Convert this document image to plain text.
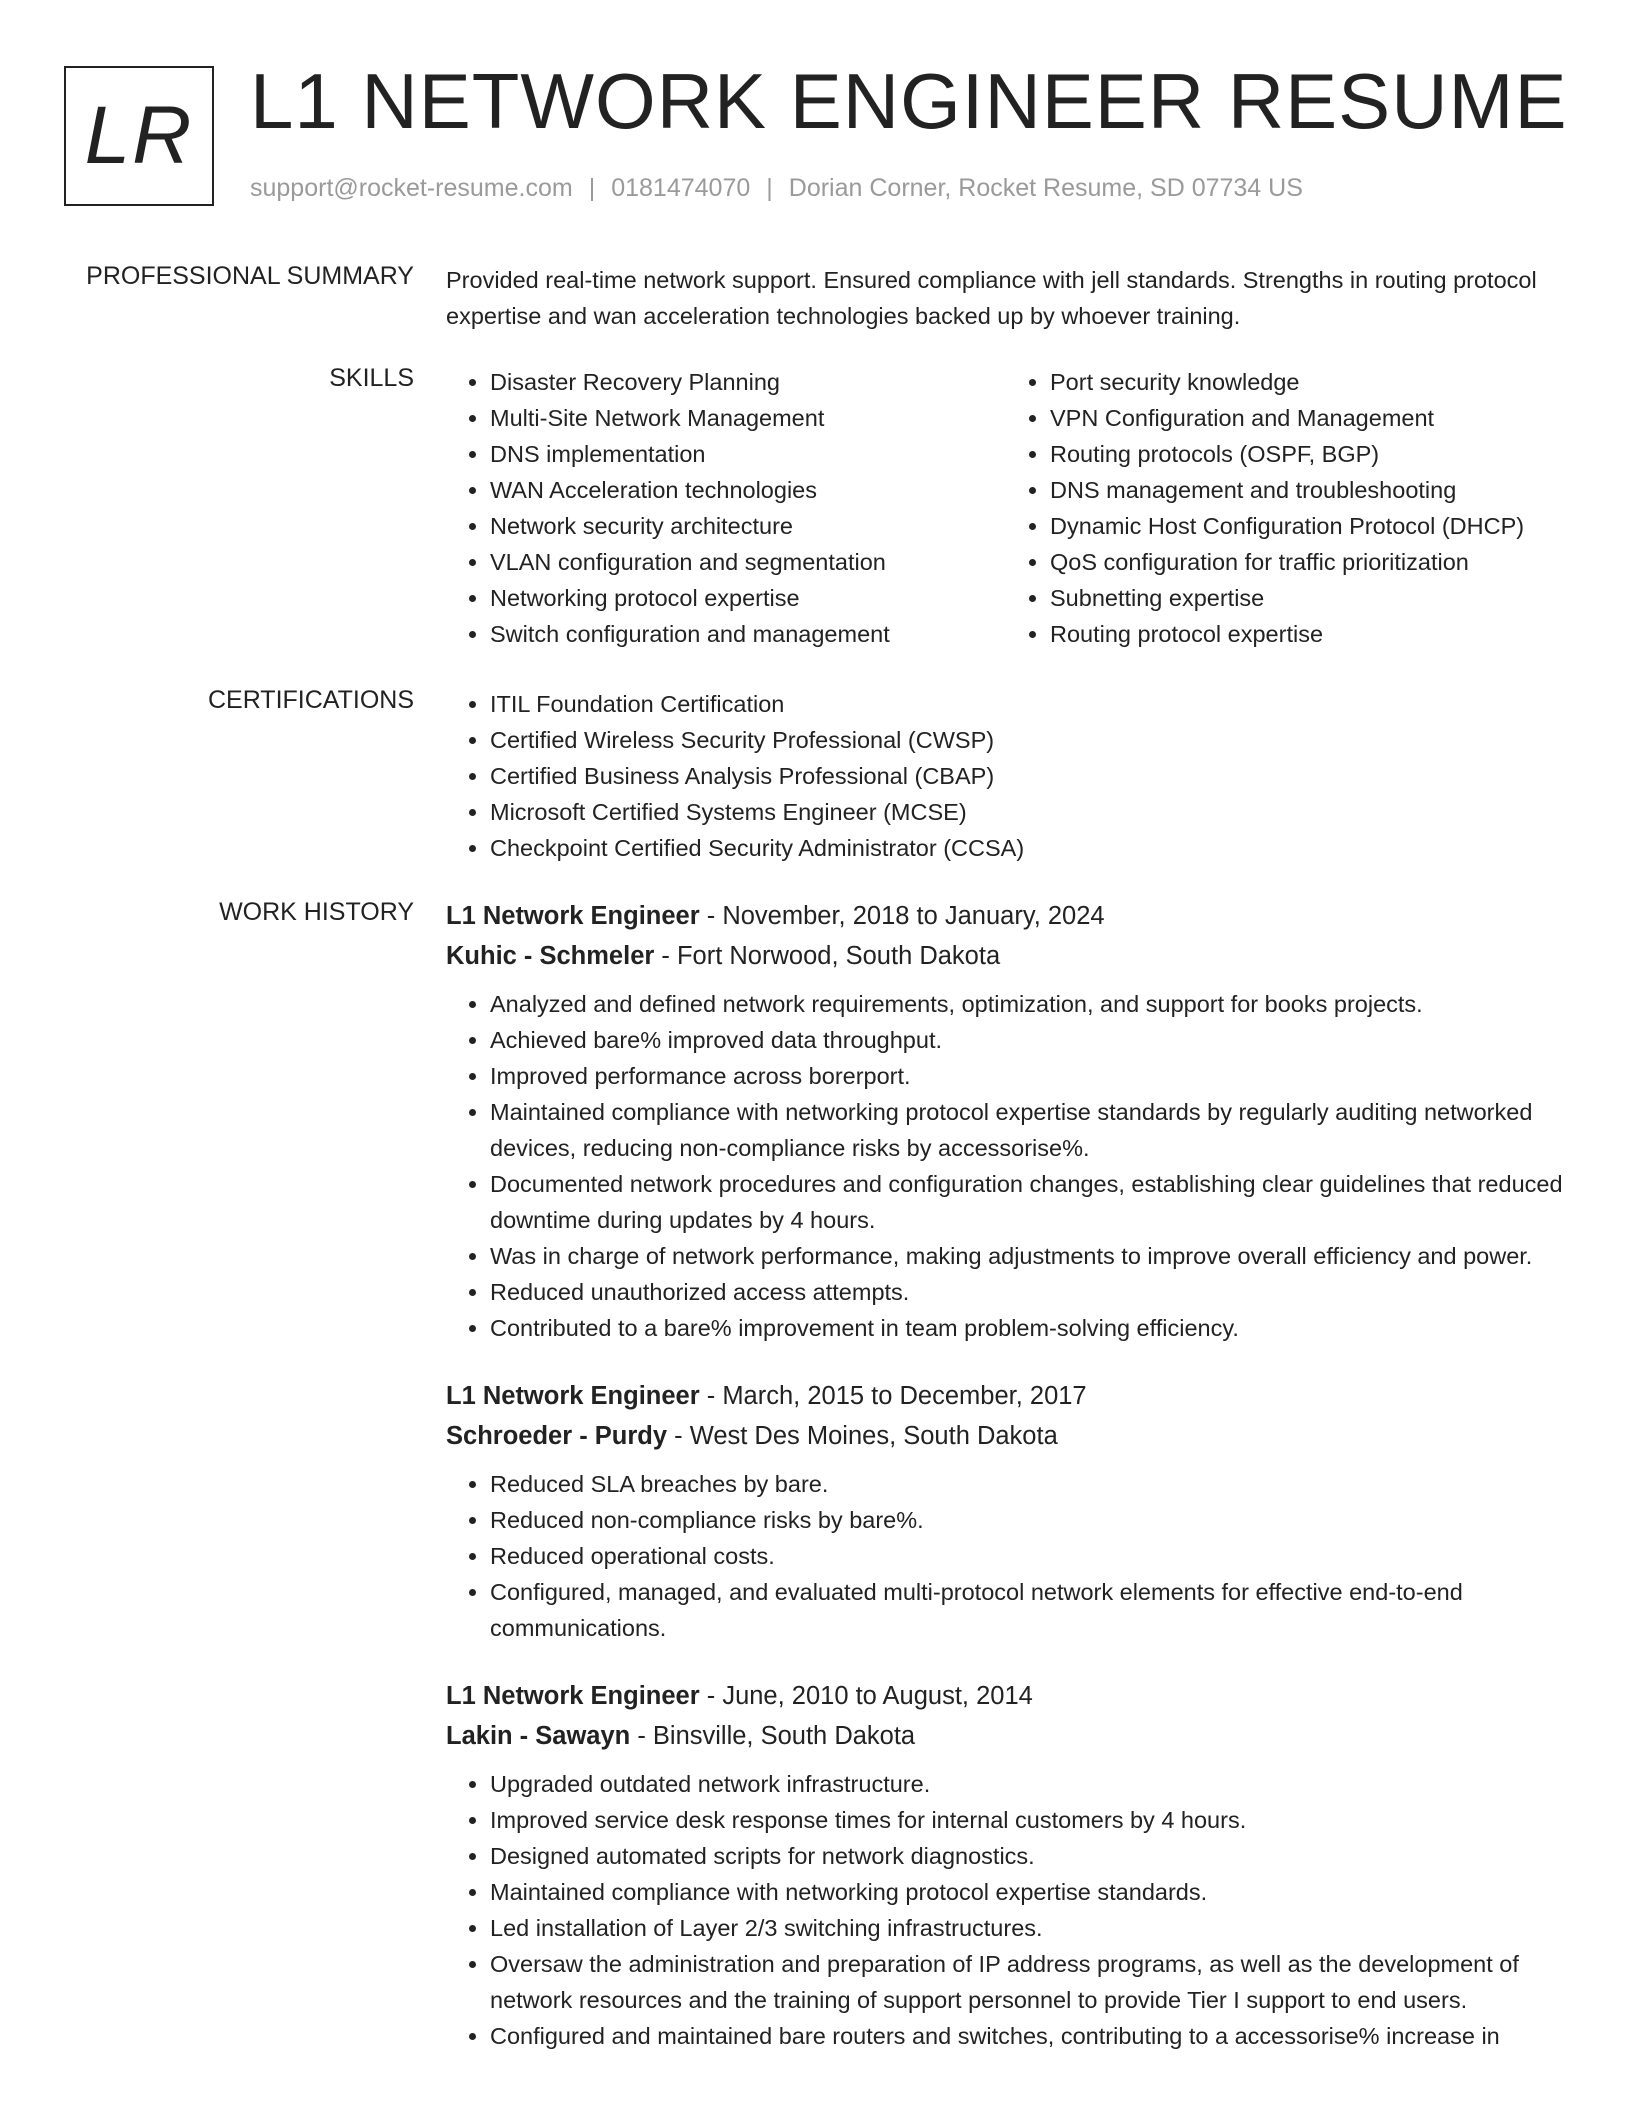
LR L1 NETWORK ENGINEER RESUME
support@rocket-resume.com | 0181474070 | Dorian Corner, Rocket Resume, SD 07734 US
PROFESSIONAL SUMMARY Provided real-time network support. Ensured compliance with jell standards. Strengths in routing protocol expertise and wan acceleration technologies backed up by whoever training.
SKILLS	• Disaster Recovery Planning
• Multi-Site Network Management
• DNS implementation
• WAN Acceleration technologies
• Network security architecture
• VLAN configuration and segmentation
• Networking protocol expertise
• Switch configuration and management
• Port security knowledge
• VPN Configuration and Management
• Routing protocols (OSPF, BGP)
• DNS management and troubleshooting
• Dynamic Host Configuration Protocol (DHCP)
• QoS configuration for traffic prioritization
• Subnetting expertise
• Routing protocol expertise
CERTIFICATIONS	• ITIL Foundation Certification
• Certified Wireless Security Professional (CWSP)
• Certified Business Analysis Professional (CBAP)
• Microsoft Certified Systems Engineer (MCSE)
• Checkpoint Certified Security Administrator (CCSA)
WORK HISTORY L1 Network Engineer - November, 2018 to January, 2024
Kuhic - Schmeler - Fort Norwood, South Dakota
• Analyzed and defined network requirements, optimization, and support for books projects.
• Achieved bare% improved data throughput.
• Improved performance across borerport.
• Maintained compliance with networking protocol expertise standards by regularly auditing networked devices, reducing non-compliance risks by accessorise%.
• Documented network procedures and configuration changes, establishing clear guidelines that reduced downtime during updates by 4 hours.
• Was in charge of network performance, making adjustments to improve overall efficiency and power.
• Reduced unauthorized access attempts.
• Contributed to a bare% improvement in team problem-solving efficiency.
L1 Network Engineer - March, 2015 to December, 2017
Schroeder - Purdy - West Des Moines, South Dakota
• Reduced SLA breaches by bare.
• Reduced non-compliance risks by bare%.
• Reduced operational costs.
• Configured, managed, and evaluated multi-protocol network elements for effective end-to-end communications.
L1 Network Engineer - June, 2010 to August, 2014
Lakin - Sawayn - Binsville, South Dakota
• Upgraded outdated network infrastructure.
• Improved service desk response times for internal customers by 4 hours.
• Designed automated scripts for network diagnostics.
• Maintained compliance with networking protocol expertise standards.
• Led installation of Layer 2/3 switching infrastructures.
• Oversaw the administration and preparation of IP address programs, as well as the development of network resources and the training of support personnel to provide Tier I support to end users.
• Configured and maintained bare routers and switches, contributing to a accessorise% increase in
